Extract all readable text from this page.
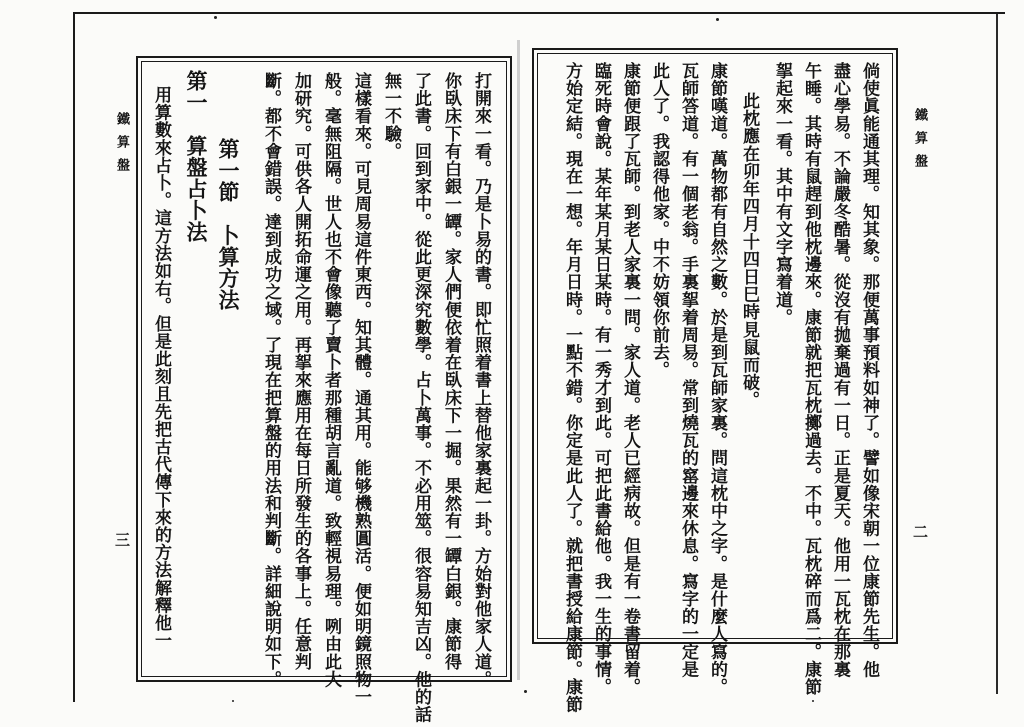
鐵算盤
三	打開來一看。乃是卜易的書。即忙照着書上替他家裏起一卦。方始對他家人道。
你臥床下有白銀一罈。家人們便依着在臥床下一掘。果然有一罈白銀。康節得
了此書。回到家中。從此更深究數學。占卜萬事。不必用筮。很容易知吉凶。他的話
無一不驗。
這樣看來。可見周易這件東西。知其體。通其用。能够機熟圓活。便如明鏡照物一
般。毫無阻隔。世人也不會像聽了賣卜者那種胡言亂道。致輕視易理。咧由此大
加研究。可供各人開拓命運之用。再挐來應用在每日所發生的各事上。任意判
斷。都不會錯誤。達到成功之域。了現在把算盤的用法和判斷。詳細說明如下。
第一節　卜算方法
第一　算盤占卜法
用算數來占卜。這方法如右。但是此刻且先把古代傳下來的方法解釋他一	鐵算盤
二
倘使眞能通其理。知其象。那便萬事預料如神了。譬如像宋朝一位康節先生。他
盡心學易。不論嚴冬酷暑。從沒有拋棄過有一日。正是夏天。他用一瓦枕在那裏
午睡。其時有鼠趕到他枕邊來。康節就把瓦枕擲過去。不中。瓦枕碎而爲二。康節
挐起來一看。其中有文字寫着道。
此枕應在卯年四月十四日巳時見鼠而破。
康節嘆道。萬物都有自然之數。於是到瓦師家裏。問這枕中之字。是什麼人寫的。
瓦師答道。有一個老翁。手裏挐着周易。常到燒瓦的窰邊來休息。寫字的一定是
此人了。我認得他家。中不妨領你前去。
康節便跟了瓦師。到老人家裏一問。家人道。老人已經病故。但是有一卷書留着。
臨死時會說。某年某月某日某時。有一秀才到此。可把此書給他。我一生的事情。
方始定結。現在一想。年月日時。一點不錯。你定是此人了。就把書授給康節。康節
